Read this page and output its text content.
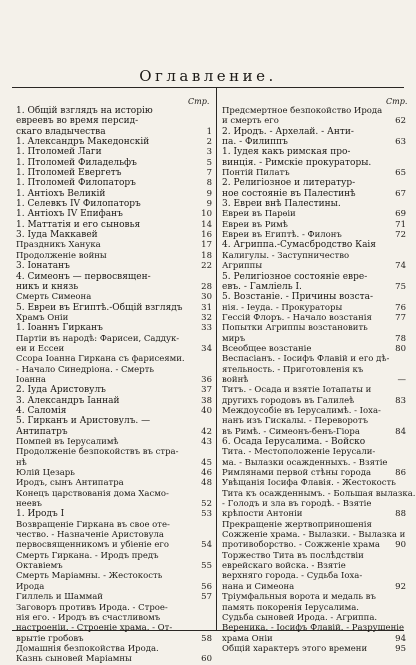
Оглавление.
Стр.	Стр.
1. Общій взглядъ на исторію
евреевъ во время персид-
скаго владычества	1
1. Александръ Македонскій	2
1. Птоломей Лаги	3
1. Птоломей Филадельфъ	5
1. Птоломей Евергетъ	7
1. Птоломей Филопаторъ	8
1. Антіохъ Великій	9
1. Селевкъ IV Филопаторъ	9
1. Антіохъ IV Епифанъ	10
1. Маттатія и его сыновья	14
3. Іуда Маккавей	16
Праздникъ Ханука	17
Продолженіе войны	18
3. Іонатанъ	22
4. Симеонъ — первосвящен-
никъ и князь	28
Смерть Симеона	30
5. Евреи въ Египтѣ.-Общій взглядъ 31
Храмъ Оніи	32
1. Іоаннъ Гирканъ	33
Партіи въ народѣ: Фарисеи, Саддук-
еи и Ессеи	34
Ссора Іоанна Гиркана съ фарисеями.
- Начало Синедріона. - Смерть
Іоанна	36
2. Іуда Аристовулъ	37
3. Александръ Іаннай	38
4. Саломія	40
5. Гирканъ и Аристовулъ. —
Антипатръ	42
Помпей въ Іерусалимѣ	43
Продолженіе безпокойствъ въ стра-
нѣ	45
Юлій Цезарь	46
Иродъ, сынъ Антипатра	48
Конецъ царствованія дома Хасмо-
неевъ	52
1. Иродъ I	53
Возвращеніе Гиркана въ свое оте-
чество. - Назначеніе Аристовула
первосвященникомъ и убіеніе его	54
Смерть Гиркана. - Иродъ предъ
Октавіемъ	55
Смерть Маріамны. - Жестокость
Ирода	56
Гиллель и Шаммай	57
Заговоръ противъ Ирода. - Строе-
нія его. - Иродъ въ счастливомъ
настроеніи. - Строеніе храма. - От-
врытіе гробовъ	58
Домашнія безпокойства Ирода.
Казнь сыновей Маріамны	60
Предсмертное безпокойство Ирода
и смерть его	62
2. Иродъ. - Архелай. - Анти-
па. - Филиппъ	63
1. Іудея какъ римская про-
винція. - Римскіе прокураторы.
Понтій Пилатъ	65
2. Религіозное и литератур-
ное состояніе въ Палестинѣ	67
3. Евреи внѣ Палестины.
Евреи въ Парѳіи	69
Евреи въ Римѣ	71
Евреи въ Египтѣ. - Филонъ	72
4. Агриппа.-Сумасбродство Каія
Калигулы. - Заступничество
Агриппы	74
5. Религіозное состояніе евре-
евъ. - Гамліель I.	75
5. Возстаніе. - Причины возста-
нія. - Іеуда. - Прокураторы	76
Гессій Флоръ. - Начало возстанія	77
Попытки Агриппы возстановить
миръ	78
Всеобщее возстаніе	80
Веспасіанъ. - Іосифъ Флавій и его дѣ-
ятельность. - Приготовленія къ
войнѣ	—
Титъ. - Осада и взятіе Іотапаты и
другихъ городовъ въ Галилеѣ	83
Междоусобіе въ Іерусалимѣ. - Іоха-
нанъ изъ Гискалы. - Переворотъ
въ Римѣ. - Симеонъ-бенъ-Гіора	84
6. Осада Іерусалима. - Войско
Тита. - Местоположеніе Іерусали-
ма. - Вылазки осажденныхъ. - Взятіе
Римлянами первой стѣны города	86
Увѣщанія Іосифа Флавія. - Жестокость
Тита къ осажденнымъ. - Большая вылазка.
- Голодъ и зла въ городѣ. - Взятіе
крѣпости Антоніи	88
Прекращеніе жертвоприношенія
Сожженіе храма. - Вылазки. - Вылазка и
противоборство. - Сожженіе храма 90
Торжество Тита въ послѣдствіи
еврейскаго войска. - Взятіе
верхняго города. - Судьба Іоха-
нана и Симеона	92
Тріумфальныя ворота и медаль въ
память покоренія Іерусалима.
Судьба сыновей Ирода. - Агриппа.
Вереника. - Іосифъ Флавій. - Разрушеніе
храма Оніи	94
Общій характеръ этого времени	95
